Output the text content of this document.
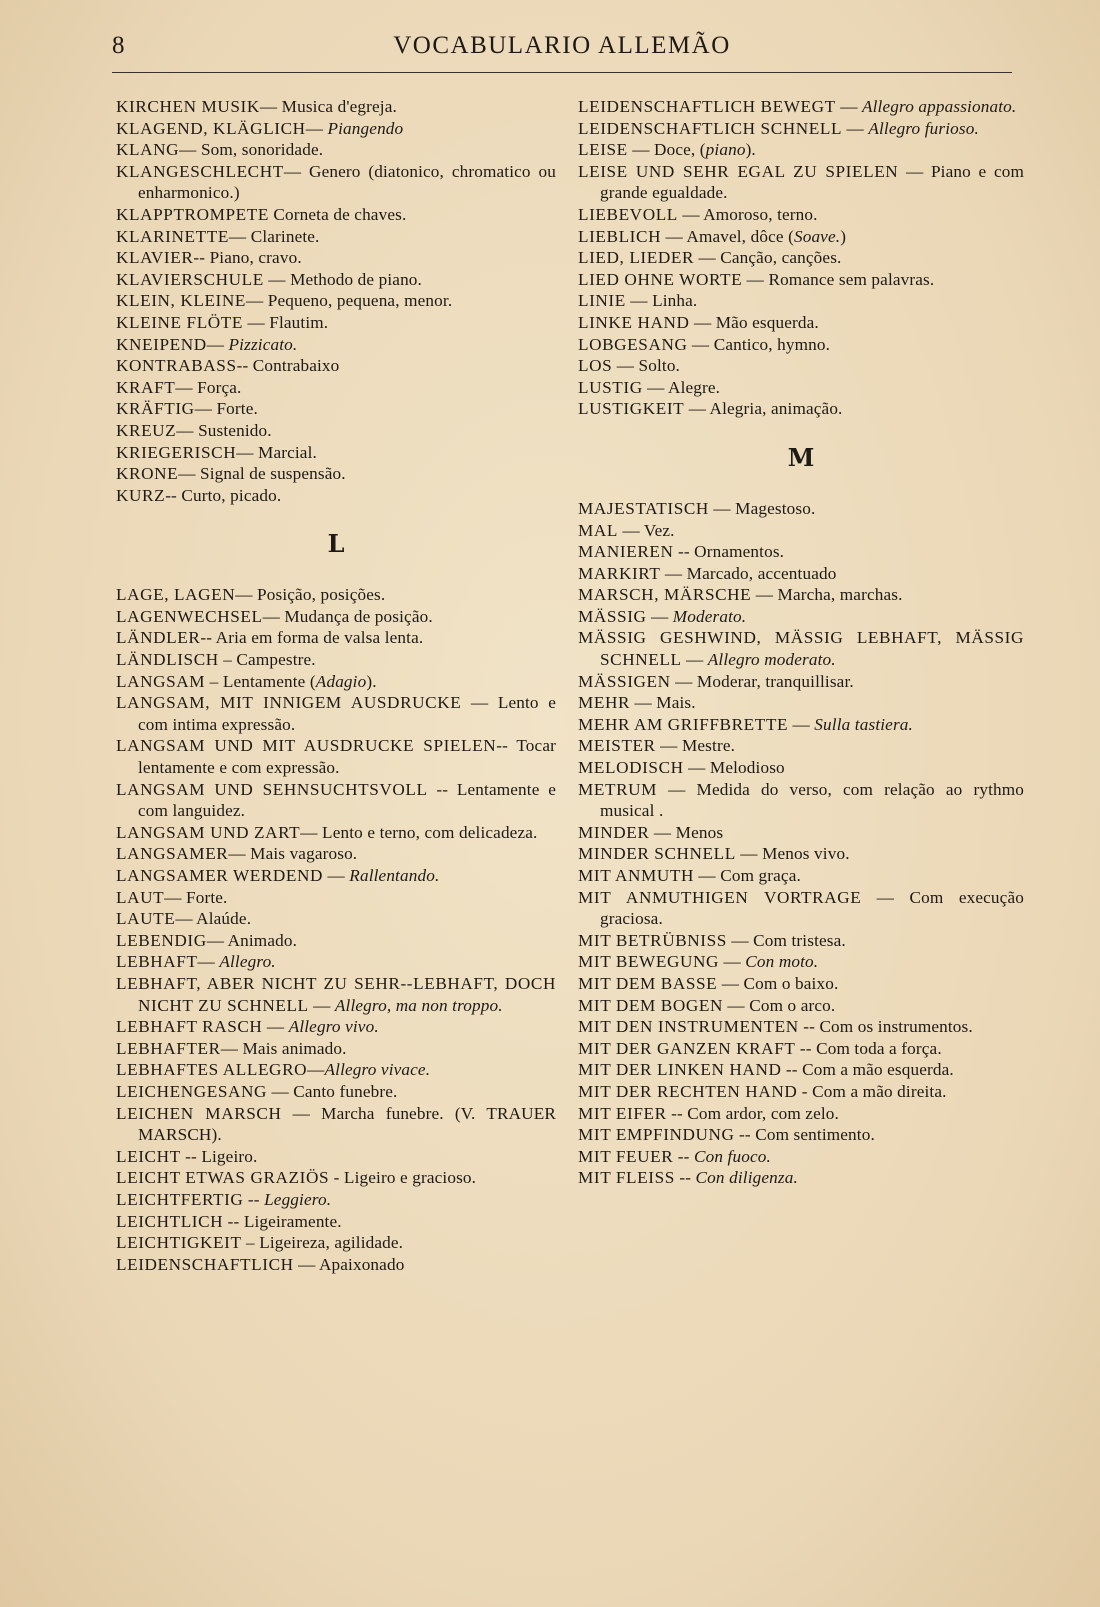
8	VOCABULARIO ALLEMÃO
KIRCHEN MUSIK— Musica d'egreja.
KLAGEND, KLÄGLICH— Piangendo
KLANG— Som, sonoridade.
KLANGESCHLECHT— Genero (diatonico, chromatico ou enharmonico.)
KLAPPTROMPETE Corneta de chaves.
KLARINETTE— Clarinete.
KLAVIER-- Piano, cravo.
KLAVIERSCHULE — Methodo de piano.
KLEIN, KLEINE— Pequeno, pequena, menor.
KLEINE FLÖTE — Flautim.
KNEIPEND— Pizzicato.
KONTRABASS-- Contrabaixo
KRAFT— Força.
KRÄFTIG— Forte.
KREUZ— Sustenido.
KRIEGERISCH— Marcial.
KRONE— Signal de suspensão.
KURZ-- Curto, picado.
L
LAGE, LAGEN— Posição, posições.
LAGENWECHSEL— Mudança de posição.
LÄNDLER-- Aria em forma de valsa lenta.
LÄNDLISCH – Campestre.
LANGSAM – Lentamente (Adagio).
LANGSAM, MIT INNIGEM AUSDRUCKE — Lento e com intima expressão.
LANGSAM UND MIT AUSDRUCKE SPIELEN-- Tocar lentamente e com expressão.
LANGSAM UND SEHNSUCHTSVOLL -- Lentamente e com languidez.
LANGSAM UND ZART— Lento e terno, com delicadeza.
LANGSAMER— Mais vagaroso.
LANGSAMER WERDEND — Rallentando.
LAUT— Forte.
LAUTE— Alaúde.
LEBENDIG— Animado.
LEBHAFT— Allegro.
LEBHAFT, ABER NICHT ZU SEHR--LEBHAFT, DOCH NICHT ZU SCHNELL — Allegro, ma non troppo.
LEBHAFT RASCH — Allegro vivo.
LEBHAFTER— Mais animado.
LEBHAFTES ALLEGRO—Allegro vivace.
LEICHENGESANG — Canto funebre.
LEICHEN MARSCH — Marcha funebre. (V. TRAUER MARSCH).
LEICHT -- Ligeiro.
LEICHT ETWAS GRAZIÖS - Ligeiro e gracioso.
LEICHTFERTIG -- Leggiero.
LEICHTLICH -- Ligeiramente.
LEICHTIGKEIT – Ligeireza, agilidade.
LEIDENSCHAFTLICH — Apaixonado
LEIDENSCHAFTLICH BEWEGT — Allegro appassionato.
LEIDENSCHAFTLICH SCHNELL — Allegro furioso.
LEISE — Doce, (piano).
LEISE UND SEHR EGAL ZU SPIELEN — Piano e com grande egualdade.
LIEBEVOLL — Amoroso, terno.
LIEBLICH — Amavel, dôce (Soave.)
LIED, LIEDER — Canção, canções.
LIED OHNE WORTE — Romance sem palavras.
LINIE — Linha.
LINKE HAND — Mão esquerda.
LOBGESANG — Cantico, hymno.
LOS — Solto.
LUSTIG — Alegre.
LUSTIGKEIT — Alegria, animação.
M
MAJESTATISCH — Magestoso.
MAL — Vez.
MANIEREN -- Ornamentos.
MARKIRT — Marcado, accentuado
MARSCH, MÄRSCHE — Marcha, marchas.
MÄSSIG — Moderato.
MÄSSIG GESHWIND, MÄSSIG LEBHAFT, MÄSSIG SCHNELL — Allegro moderato.
MÄSSIGEN — Moderar, tranquillisar.
MEHR — Mais.
MEHR AM GRIFFBRETTE — Sulla tastiera.
MEISTER — Mestre.
MELODISCH — Melodioso
METRUM — Medida do verso, com relação ao rythmo musical .
MINDER — Menos
MINDER SCHNELL — Menos vivo.
MIT ANMUTH — Com graça.
MIT ANMUTHIGEN VORTRAGE — Com execução graciosa.
MIT BETRÜBNISS — Com tristesa.
MIT BEWEGUNG — Con moto.
MIT DEM BASSE — Com o baixo.
MIT DEM BOGEN — Com o arco.
MIT DEN INSTRUMENTEN -- Com os instrumentos.
MIT DER GANZEN KRAFT -- Com toda a força.
MIT DER LINKEN HAND -- Com a mão esquerda.
MIT DER RECHTEN HAND - Com a mão direita.
MIT EIFER -- Com ardor, com zelo.
MIT EMPFINDUNG -- Com sentimento.
MIT FEUER -- Con fuoco.
MIT FLEISS -- Con diligenza.
